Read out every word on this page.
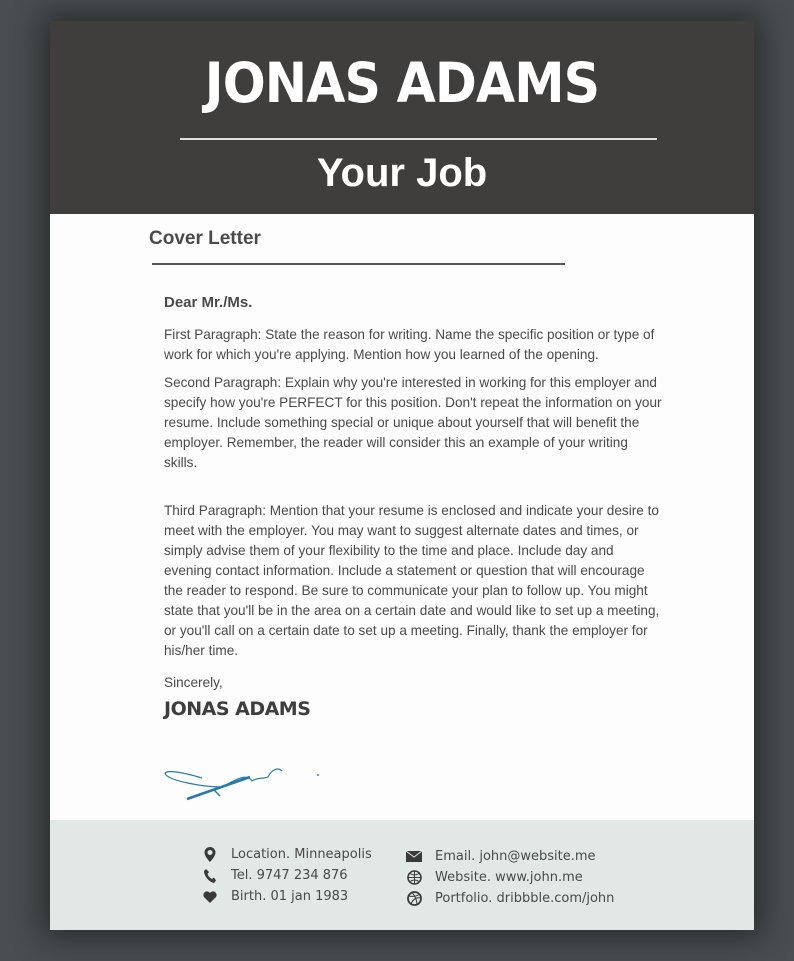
JONAS ADAMS
Your Job
Cover Letter
Dear Mr./Ms.

First Paragraph: State the reason for writing. Name the specific position or type of work for which you're applying. Mention how you learned of the opening.

Second Paragraph: Explain why you're interested in working for this employer and specify how you're PERFECT for this position. Don't repeat the information on your resume. Include something special or unique about yourself that will benefit the employer. Remember, the reader will consider this an example of your writing skills.

Third Paragraph: Mention that your resume is enclosed and indicate your desire to meet with the employer. You may want to suggest alternate dates and times, or simply advise them of your flexibility to the time and place. Include day and evening contact information. Include a statement or question that will encourage the reader to respond. Be sure to communicate your plan to follow up. You might state that you'll be in the area on a certain date and would like to set up a meeting, or you'll call on a certain date to set up a meeting. Finally, thank the employer for his/her time.

Sincerely,
JONAS ADAMS
Location. Minneapolis
Tel. 9747 234 876
Birth. 01 jan 1983
Email. john@website.me
Website. www.john.me
Portfolio. dribbble.com/john
